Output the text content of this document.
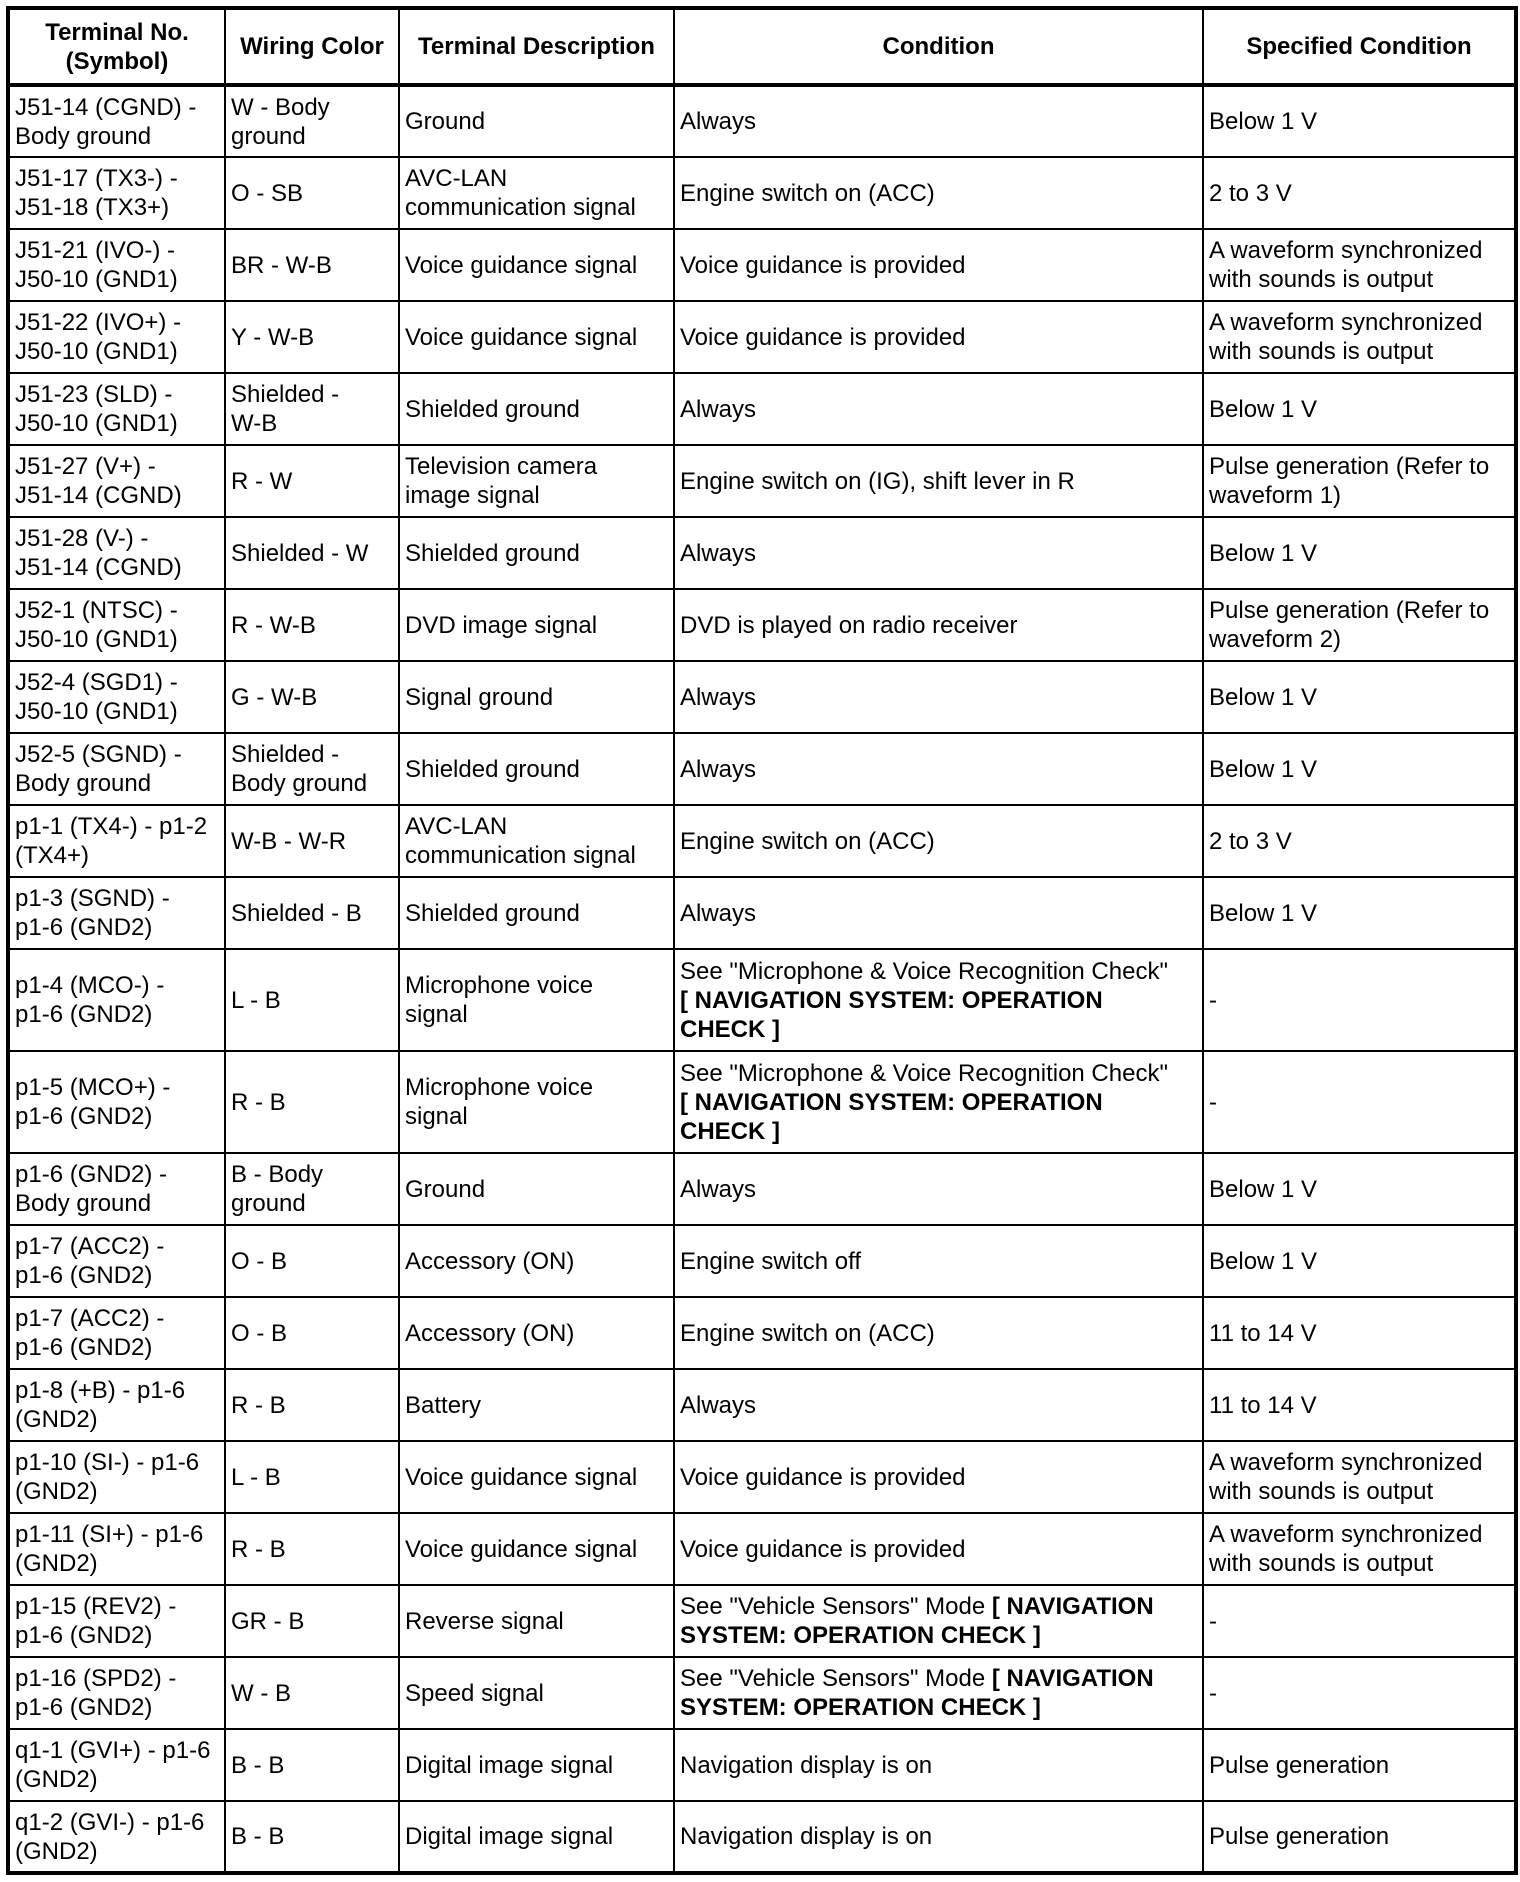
Terminal No.
(Symbol)	Wiring Color	Terminal Description	Condition	Specified Condition
J51-14 (CGND) -
Body ground	W - Body
ground	Ground	Always	Below 1 V
J51-17 (TX3-) -
J51-18 (TX3+)	O - SB	AVC-LAN
communication signal	Engine switch on (ACC)	2 to 3 V
J51-21 (IVO-) -
J50-10 (GND1)	BR - W-B	Voice guidance signal	Voice guidance is provided	A waveform synchronized
with sounds is output
J51-22 (IVO+) -
J50-10 (GND1)	Y - W-B	Voice guidance signal	Voice guidance is provided	A waveform synchronized
with sounds is output
J51-23 (SLD) -
J50-10 (GND1)	Shielded -
W-B	Shielded ground	Always	Below 1 V
J51-27 (V+) -
J51-14 (CGND)	R - W	Television camera
image signal	Engine switch on (IG), shift lever in R	Pulse generation (Refer to
waveform 1)
J51-28 (V-) -
J51-14 (CGND)	Shielded - W	Shielded ground	Always	Below 1 V
J52-1 (NTSC) -
J50-10 (GND1)	R - W-B	DVD image signal	DVD is played on radio receiver	Pulse generation (Refer to
waveform 2)
J52-4 (SGD1) -
J50-10 (GND1)	G - W-B	Signal ground	Always	Below 1 V
J52-5 (SGND) -
Body ground	Shielded -
Body ground	Shielded ground	Always	Below 1 V
p1-1 (TX4-) - p1-2
(TX4+)	W-B - W-R	AVC-LAN
communication signal	Engine switch on (ACC)	2 to 3 V
p1-3 (SGND) -
p1-6 (GND2)	Shielded - B	Shielded ground	Always	Below 1 V
p1-4 (MCO-) -
p1-6 (GND2)	L - B	Microphone voice
signal	See "Microphone & Voice Recognition Check"
[ NAVIGATION SYSTEM: OPERATION
CHECK ]	-
p1-5 (MCO+) -
p1-6 (GND2)	R - B	Microphone voice
signal	See "Microphone & Voice Recognition Check"
[ NAVIGATION SYSTEM: OPERATION
CHECK ]	-
p1-6 (GND2) -
Body ground	B - Body
ground	Ground	Always	Below 1 V
p1-7 (ACC2) -
p1-6 (GND2)	O - B	Accessory (ON)	Engine switch off	Below 1 V
p1-7 (ACC2) -
p1-6 (GND2)	O - B	Accessory (ON)	Engine switch on (ACC)	11 to 14 V
p1-8 (+B) - p1-6
(GND2)	R - B	Battery	Always	11 to 14 V
p1-10 (SI-) - p1-6
(GND2)	L - B	Voice guidance signal	Voice guidance is provided	A waveform synchronized
with sounds is output
p1-11 (SI+) - p1-6
(GND2)	R - B	Voice guidance signal	Voice guidance is provided	A waveform synchronized
with sounds is output
p1-15 (REV2) -
p1-6 (GND2)	GR - B	Reverse signal	See "Vehicle Sensors" Mode [ NAVIGATION
SYSTEM: OPERATION CHECK ]	-
p1-16 (SPD2) -
p1-6 (GND2)	W - B	Speed signal	See "Vehicle Sensors" Mode [ NAVIGATION
SYSTEM: OPERATION CHECK ]	-
q1-1 (GVI+) - p1-6
(GND2)	B - B	Digital image signal	Navigation display is on	Pulse generation
q1-2 (GVI-) - p1-6
(GND2)	B - B	Digital image signal	Navigation display is on	Pulse generation
